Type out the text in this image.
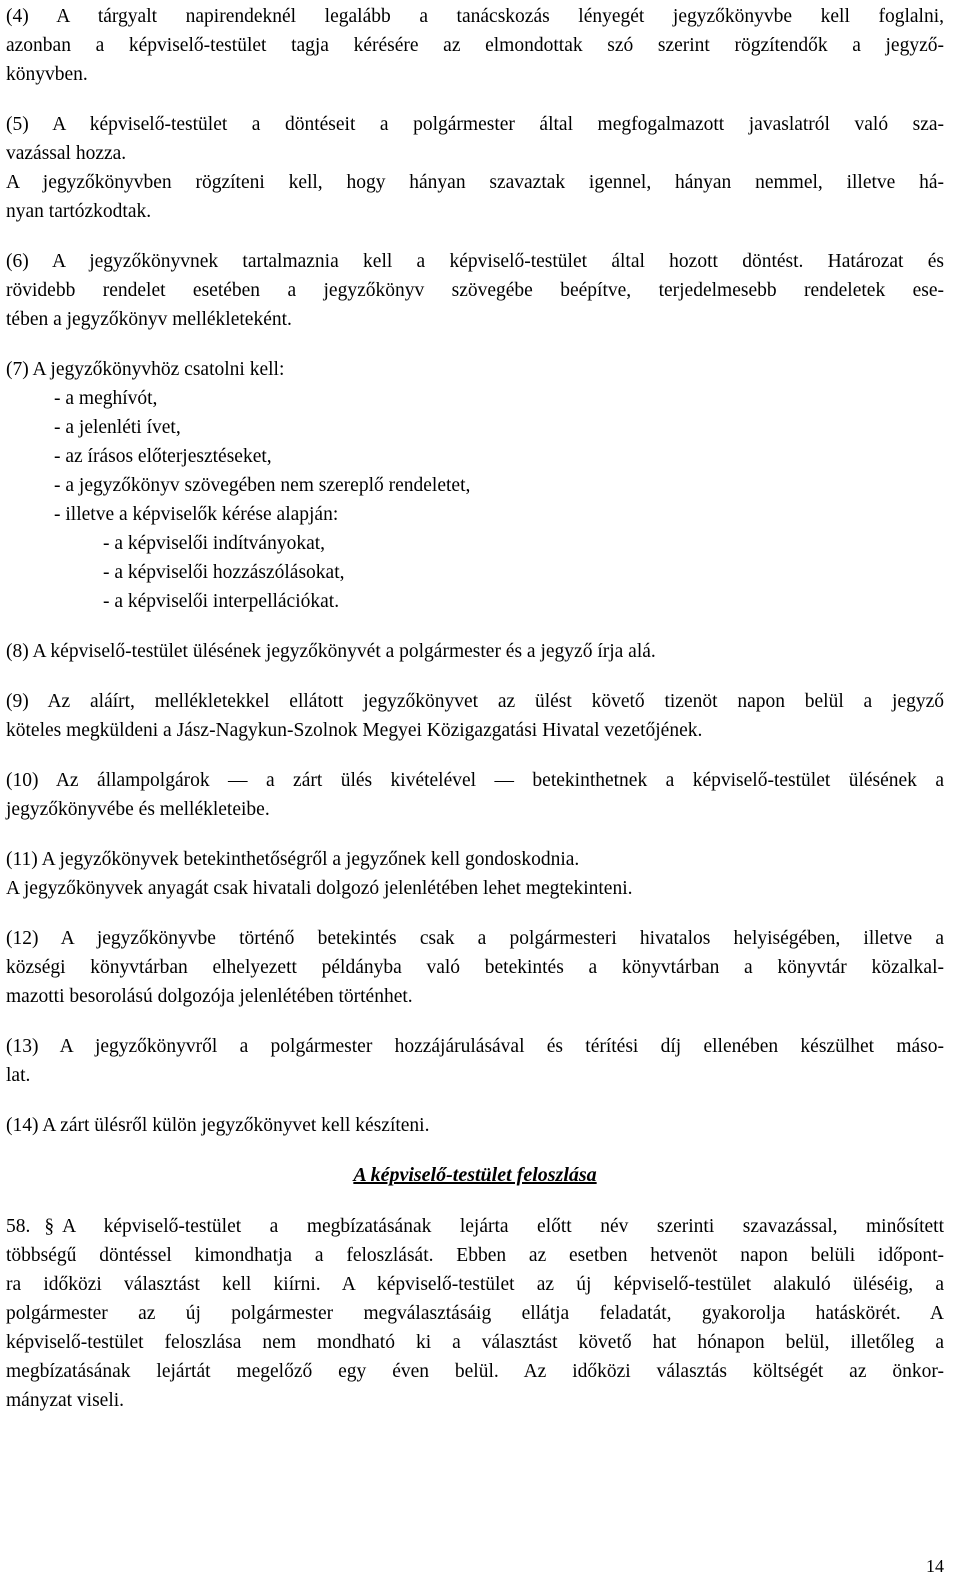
(4) A tárgyalt napirendeknél legalább a tanácskozás lényegét jegyzőkönyvbe kell foglalni,
azonban a képviselő-testület tagja kérésére az elmondottak szó szerint rögzítendők a jegyző-
könyvben.
(5) A képviselő-testület a döntéseit a polgármester által megfogalmazott javaslatról való sza-
vazással hozza.
A jegyzőkönyvben rögzíteni kell, hogy hányan szavaztak igennel, hányan nemmel, illetve há-
nyan tartózkodtak.
(6) A jegyzőkönyvnek tartalmaznia kell a képviselő-testület által hozott döntést. Határozat és
rövidebb rendelet esetében a jegyzőkönyv szövegébe beépítve, terjedelmesebb rendeletek ese-
tében a jegyzőkönyv mellékleteként.
(7) A jegyzőkönyvhöz csatolni kell:
- a meghívót,
- a jelenléti ívet,
- az írásos előterjesztéseket,
- a jegyzőkönyv szövegében nem szereplő rendeletet,
- illetve a képviselők kérése alapján:
- a képviselői indítványokat,
- a képviselői hozzászólásokat,
- a képviselői interpellációkat.
(8) A képviselő-testület ülésének jegyzőkönyvét a polgármester és a jegyző írja alá.
(9) Az aláírt, mellékletekkel ellátott jegyzőkönyvet az ülést követő tizenöt napon belül a jegyző
köteles megküldeni a Jász-Nagykun-Szolnok Megyei Közigazgatási Hivatal vezetőjének.
(10) Az állampolgárok — a zárt ülés kivételével — betekinthetnek a képviselő-testület ülésének a
jegyzőkönyvébe és mellékleteibe.
(11) A jegyzőkönyvek betekinthetőségről a jegyzőnek kell gondoskodnia.
A jegyzőkönyvek anyagát csak hivatali dolgozó jelenlétében lehet megtekinteni.
(12) A jegyzőkönyvbe történő betekintés csak a polgármesteri hivatalos helyiségében, illetve a
községi könyvtárban elhelyezett példányba való betekintés a könyvtárban a könyvtár közalkal-
mazotti besorolású dolgozója jelenlétében történhet.
(13) A jegyzőkönyvről a polgármester hozzájárulásával és térítési díj ellenében készülhet máso-
lat.
(14) A zárt ülésről külön jegyzőkönyvet kell készíteni.
A képviselő-testület feloszlása
58. § A képviselő-testület a megbízatásának lejárta előtt név szerinti szavazással, minősített
többségű döntéssel kimondhatja a feloszlását. Ebben az esetben hetvenöt napon belüli időpont-
ra időközi választást kell kiírni. A képviselő-testület az új képviselő-testület alakuló üléséig, a
polgármester az új polgármester megválasztásáig ellátja feladatát, gyakorolja hatáskörét. A
képviselő-testület feloszlása nem mondható ki a választást követő hat hónapon belül, illetőleg a
megbízatásának lejártát megelőző egy éven belül. Az időközi választás költségét az önkor-
mányzat viseli.
14
